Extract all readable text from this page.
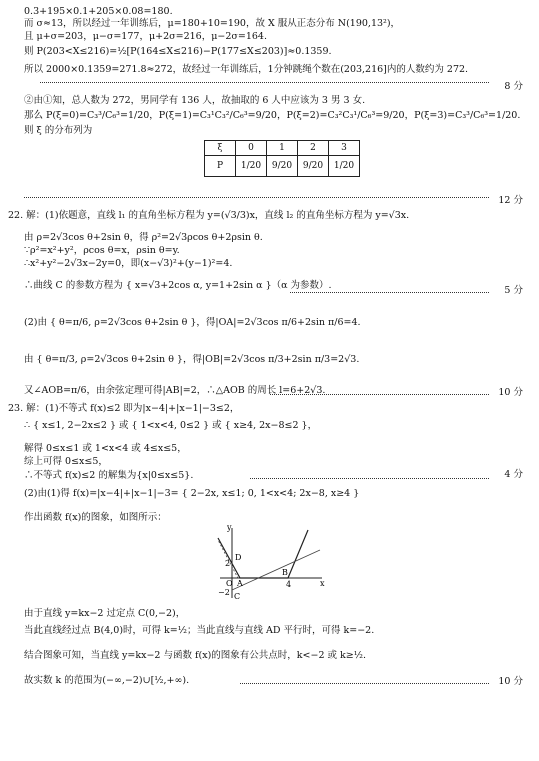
0.3+195×0.1+205×0.08=180.
而 σ≈13，所以经过一年训练后，μ=180+10=190，故 X 服从正态分布 N(190,13²)，
且 μ+σ=203，μ−σ=177，μ+2σ=216，μ−2σ=164.
则 P(203<X≤216)=½[P(164≤X≤216)−P(177≤X≤203)]≈0.1359.
所以 2000×0.1359=271.8≈272，故经过一年训练后，1分钟跳绳个数在(203,216]内的人数约为 272.
8 分
②由①知，总人数为 272，男同学有 136 人，故抽取的 6 人中应该为 3 男 3 女.
那么 P(ξ=0)=C₃³/C₆³=1/20，P(ξ=1)=C₃¹C₃²/C₆³=9/20，P(ξ=2)=C₃²C₃¹/C₆³=9/20，P(ξ=3)=C₃³/C₆³=1/20.
则 ξ 的分布列为
ξ	0	1	2	3
P	1/20	9/20	9/20	1/20
12 分
22. 解：(1)依题意，直线 l₁ 的直角坐标方程为 y=(√3/3)x，直线 l₂ 的直角坐标方程为 y=√3x.
由 ρ=2√3cos θ+2sin θ，得 ρ²=2√3ρcos θ+2ρsin θ.
∵ρ²=x²+y²，ρcos θ=x，ρsin θ=y.
∴x²+y²−2√3x−2y=0，即(x−√3)²+(y−1)²=4.
∴曲线 C 的参数方程为 { x=√3+2cos α, y=1+2sin α }（α 为参数）.	5 分
(2)由 { θ=π/6, ρ=2√3cos θ+2sin θ }，得|OA|=2√3cos π/6+2sin π/6=4.
由 { θ=π/3, ρ=2√3cos θ+2sin θ }，得|OB|=2√3cos π/3+2sin π/3=2√3.
又∠AOB=π/6，由余弦定理可得|AB|=2，∴△AOB 的周长 l=6+2√3.	10 分
23. 解：(1)不等式 f(x)≤2 即为|x−4|+|x−1|−3≤2，
∴ { x≤1, 2−2x≤2 } 或 { 1<x<4, 0≤2 } 或 { x≥4, 2x−8≤2 }，
解得 0≤x≤1 或 1<x<4 或 4≤x≤5，
综上可得 0≤x≤5，
∴不等式 f(x)≤2 的解集为{x|0≤x≤5}.	4 分
(2)由(1)得 f(x)=|x−4|+|x−1|−3= { 2−2x, x≤1; 0, 1<x<4; 2x−8, x≥4 }
作出函数 f(x)的图象，如图所示：
y
D
2
O A
B
4	x
−2 C
由于直线 y=kx−2 过定点 C(0,−2)，
当此直线经过点 B(4,0)时，可得 k=½；当此直线与直线 AD 平行时，可得 k=−2.
结合图象可知，当直线 y=kx−2 与函数 f(x)的图象有公共点时，k<−2 或 k≥½.
故实数 k 的范围为(−∞,−2)∪[½,+∞).	10 分
